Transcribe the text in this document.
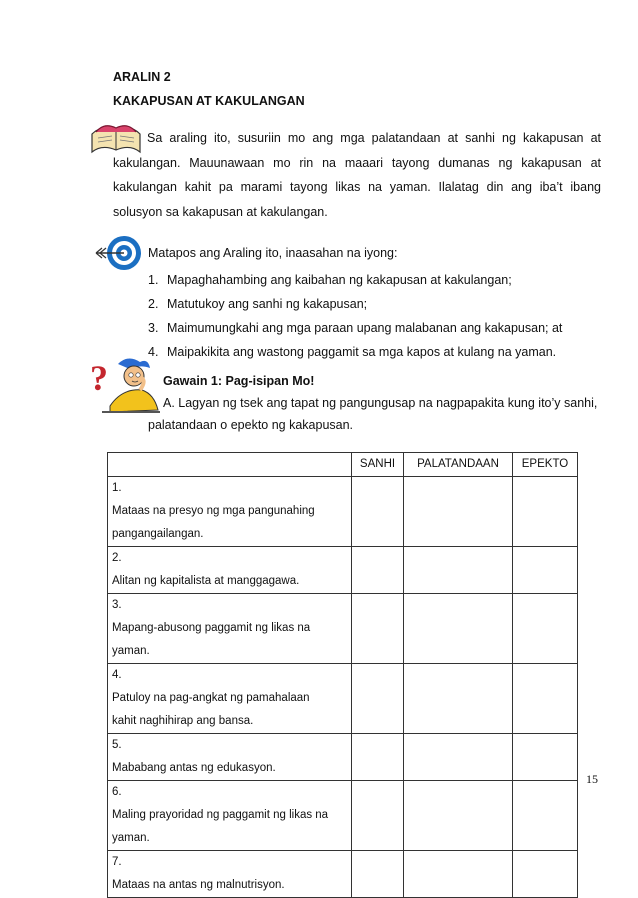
ARALIN 2
KAKAPUSAN AT KAKULANGAN
Sa araling ito, susuriin mo ang mga palatandaan at sanhi ng kakapusan at kakulangan. Mauunawaan mo rin na maaari tayong dumanas ng kakapusan at kakulangan kahit pa marami tayong likas na yaman. Ilalatag din ang iba’t ibang solusyon sa kakapusan at kakulangan.
Matapos ang Araling ito, inaasahan na iyong:
1. Mapaghahambing ang kaibahan ng kakapusan at kakulangan;
2. Matutukoy ang sanhi ng kakapusan;
3. Maimumungkahi ang mga paraan upang malabanan ang kakapusan; at
4. Maipakikita ang wastong paggamit sa mga kapos at kulang na yaman.
?	Gawain 1: Pag-isipan Mo!
A. Lagyan ng tsek ang tapat ng pangungusap na nagpapakita kung ito’y sanhi,
palatandaan o epekto ng kakapusan.
	SANHI	PALATANDAAN	EPEKTO
1.Mataas na presyo ng mga pangunahing pangangailangan.			
2.Alitan ng kapitalista at manggagawa.			
3.Mapang-abusong paggamit ng likas na yaman.			
4.Patuloy na pag-angkat ng pamahalaan kahit naghihirap ang bansa.			
5.Mababang antas ng edukasyon.			
6.Maling prayoridad ng paggamit ng likas na yaman.			
7.Mataas na antas ng malnutrisyon.			
15
